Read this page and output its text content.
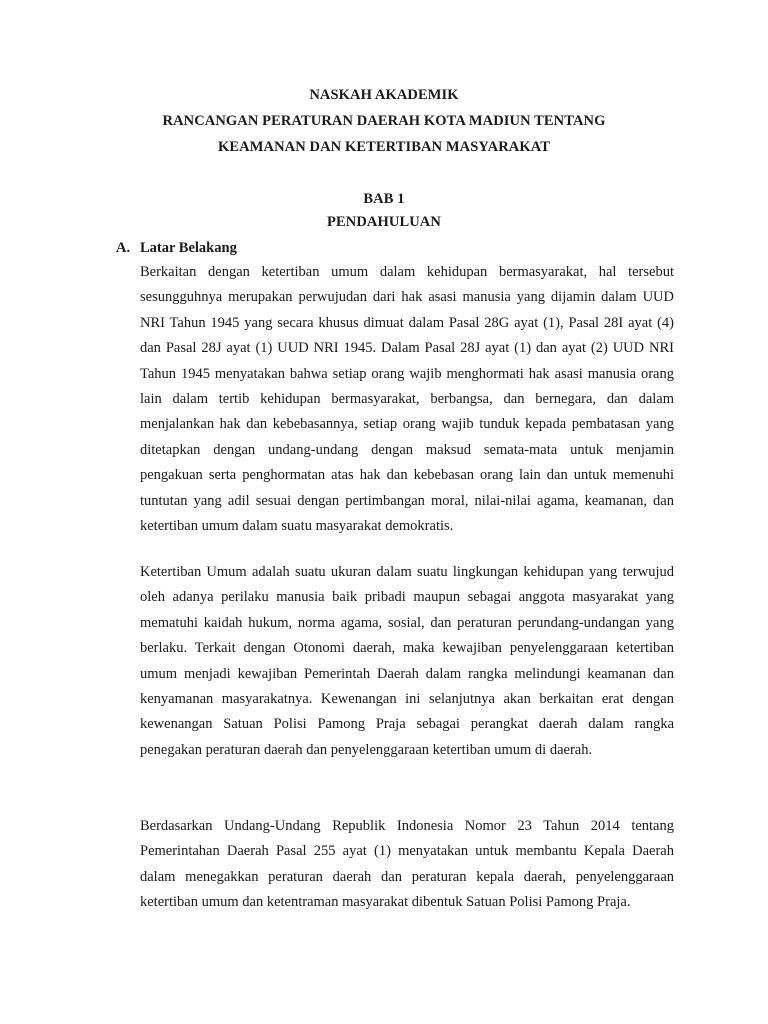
NASKAH AKADEMIK
RANCANGAN PERATURAN DAERAH KOTA MADIUN TENTANG
KEAMANAN DAN KETERTIBAN MASYARAKAT
BAB 1
PENDAHULUAN
A. Latar Belakang
Berkaitan dengan ketertiban umum dalam kehidupan bermasyarakat, hal tersebut sesungguhnya merupakan perwujudan dari hak asasi manusia yang dijamin dalam UUD NRI Tahun 1945 yang secara khusus dimuat dalam Pasal 28G ayat (1), Pasal 28I ayat (4) dan Pasal 28J ayat (1) UUD NRI 1945. Dalam Pasal 28J ayat (1) dan ayat (2) UUD NRI Tahun 1945 menyatakan bahwa setiap orang wajib menghormati hak asasi manusia orang lain dalam tertib kehidupan bermasyarakat, berbangsa, dan bernegara, dan dalam menjalankan hak dan kebebasannya, setiap orang wajib tunduk kepada pembatasan yang ditetapkan dengan undang-undang dengan maksud semata-mata untuk menjamin pengakuan serta penghormatan atas hak dan kebebasan orang lain dan untuk memenuhi tuntutan yang adil sesuai dengan pertimbangan moral, nilai-nilai agama, keamanan, dan ketertiban umum dalam suatu masyarakat demokratis.
Ketertiban Umum adalah suatu ukuran dalam suatu lingkungan kehidupan yang terwujud oleh adanya perilaku manusia baik pribadi maupun sebagai anggota masyarakat yang mematuhi kaidah hukum, norma agama, sosial, dan peraturan perundang-undangan yang berlaku. Terkait dengan Otonomi daerah, maka kewajiban penyelenggaraan ketertiban umum menjadi kewajiban Pemerintah Daerah dalam rangka melindungi keamanan dan kenyamanan masyarakatnya. Kewenangan ini selanjutnya akan berkaitan erat dengan kewenangan Satuan Polisi Pamong Praja sebagai perangkat daerah dalam rangka penegakan peraturan daerah dan penyelenggaraan ketertiban umum di daerah.
Berdasarkan Undang-Undang Republik Indonesia Nomor 23 Tahun 2014 tentang Pemerintahan Daerah Pasal 255 ayat (1) menyatakan untuk membantu Kepala Daerah dalam menegakkan peraturan daerah dan peraturan kepala daerah, penyelenggaraan ketertiban umum dan ketentraman masyarakat dibentuk Satuan Polisi Pamong Praja.
